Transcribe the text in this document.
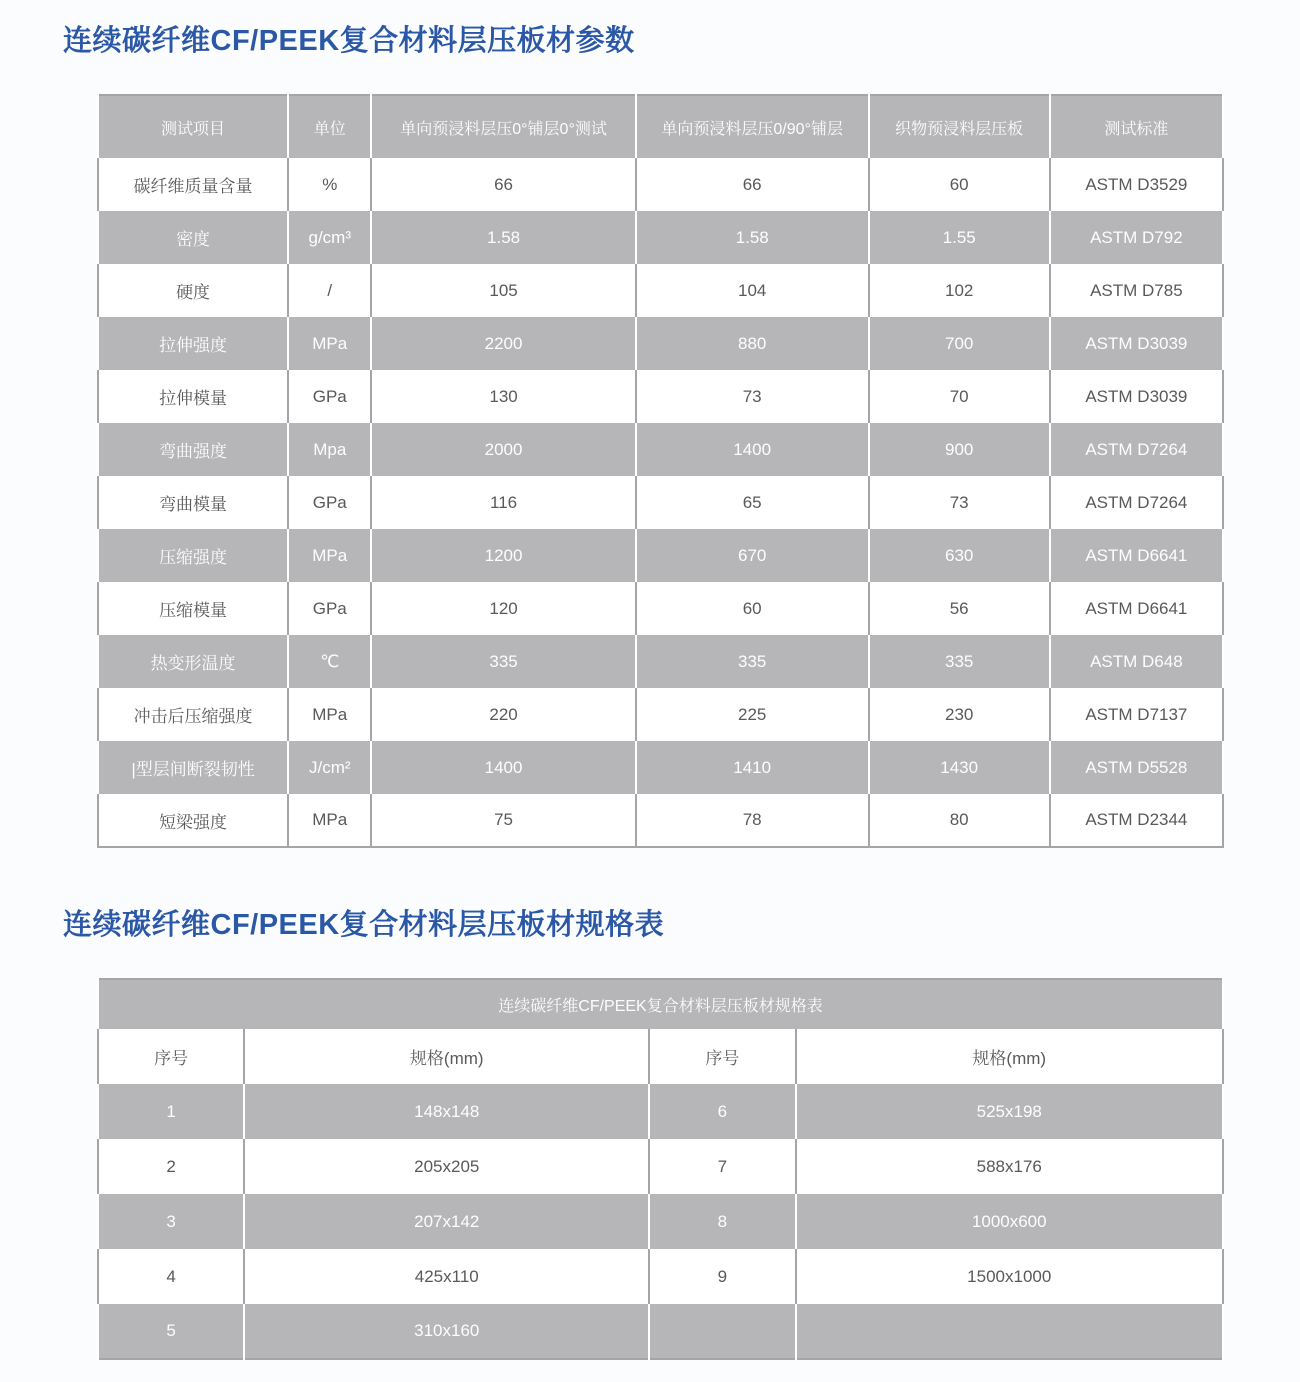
连续碳纤维CF/PEEK复合材料层压板材参数
测试项目	单位	单向预浸料层压0°铺层0°测试	单向预浸料层压0/90°铺层	织物预浸料层压板	测试标准
碳纤维质量含量	%	66	66	60	ASTM D3529
密度	g/cm³	1.58	1.58	1.55	ASTM D792
硬度	/	105	104	102	ASTM D785
拉伸强度	MPa	2200	880	700	ASTM D3039
拉伸模量	GPa	130	73	70	ASTM D3039
弯曲强度	Mpa	2000	1400	900	ASTM D7264
弯曲模量	GPa	116	65	73	ASTM D7264
压缩强度	MPa	1200	670	630	ASTM D6641
压缩模量	GPa	120	60	56	ASTM D6641
热变形温度	℃	335	335	335	ASTM D648
冲击后压缩强度	MPa	220	225	230	ASTM D7137
|型层间断裂韧性	J/cm²	1400	1410	1430	ASTM D5528
短梁强度	MPa	75	78	80	ASTM D2344
连续碳纤维CF/PEEK复合材料层压板材规格表
连续碳纤维CF/PEEK复合材料层压板材规格表			
序号	规格(mm)	序号	规格(mm)
1	148x148	6	525x198
2	205x205	7	588x176
3	207x142	8	1000x600
4	425x110	9	1500x1000
5	310x160		
